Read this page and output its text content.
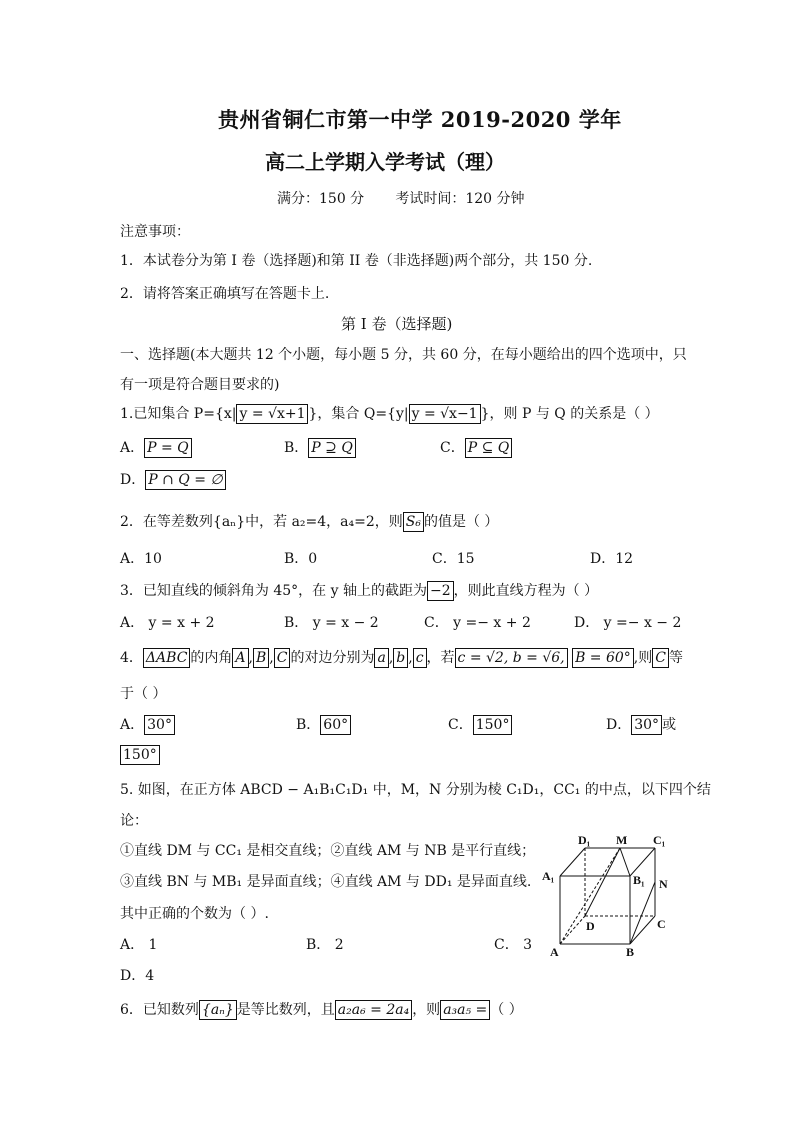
贵州省铜仁市第一中学 2019-2020 学年
高二上学期入学考试（理）
满分：150 分       考试时间：120 分钟
注意事项：
1．本试卷分为第 I 卷（选择题)和第 II 卷（非选择题)两个部分，共 150 分.
2．请将答案正确填写在答题卡上.
第 I 卷（选择题)
一、选择题(本大题共 12 个小题，每小题 5 分，共 60 分，在每小题给出的四个选项中，只
有一项是符合题目要求的)
1.已知集合 P={x| y = √x+1 }，集合 Q={y| y = √x−1 }，则 P 与 Q 的关系是（ ）
A． P = Q	B． P ⊇ Q	C． P ⊆ Q
D． P ∩ Q = ∅
2．在等差数列{aₙ}中，若 a₂=4，a₄=2，则 S₆ 的值是（ ）
A．10	B．0	C．15	D．12
3．已知直线的倾斜角为 45°，在 y 轴上的截距为 −2 ，则此直线方程为（ ）
A． y = x + 2	B． y = x − 2	C． y =− x + 2	D． y =− x − 2
4． ΔABC 的内角 A , B , C 的对边分别为 a , b , c ，若 c = √2, b = √6, B = 60° ,则 C 等
于（ ）
A． 30°	B． 60°	C． 150°	D． 30° 或
150°
5. 如图，在正方体 ABCD − A₁B₁C₁D₁ 中，M，N 分别为棱 C₁D₁，CC₁ 的中点，以下四个结
论：
①直线 DM 与 CC₁ 是相交直线；②直线 AM 与 NB 是平行直线；
③直线 BN 与 MB₁ 是异面直线；④直线 AM 与 DD₁ 是异面直线.
其中正确的个数为（ ）.
A． 1	B． 2	C． 3
D．4
D₁ M C₁
A₁	B₁ N
D	C
A	B
6．已知数列 {aₙ} 是等比数列，且 a₂a₆ = 2a₄ ，则 a₃a₅ = （ ）
